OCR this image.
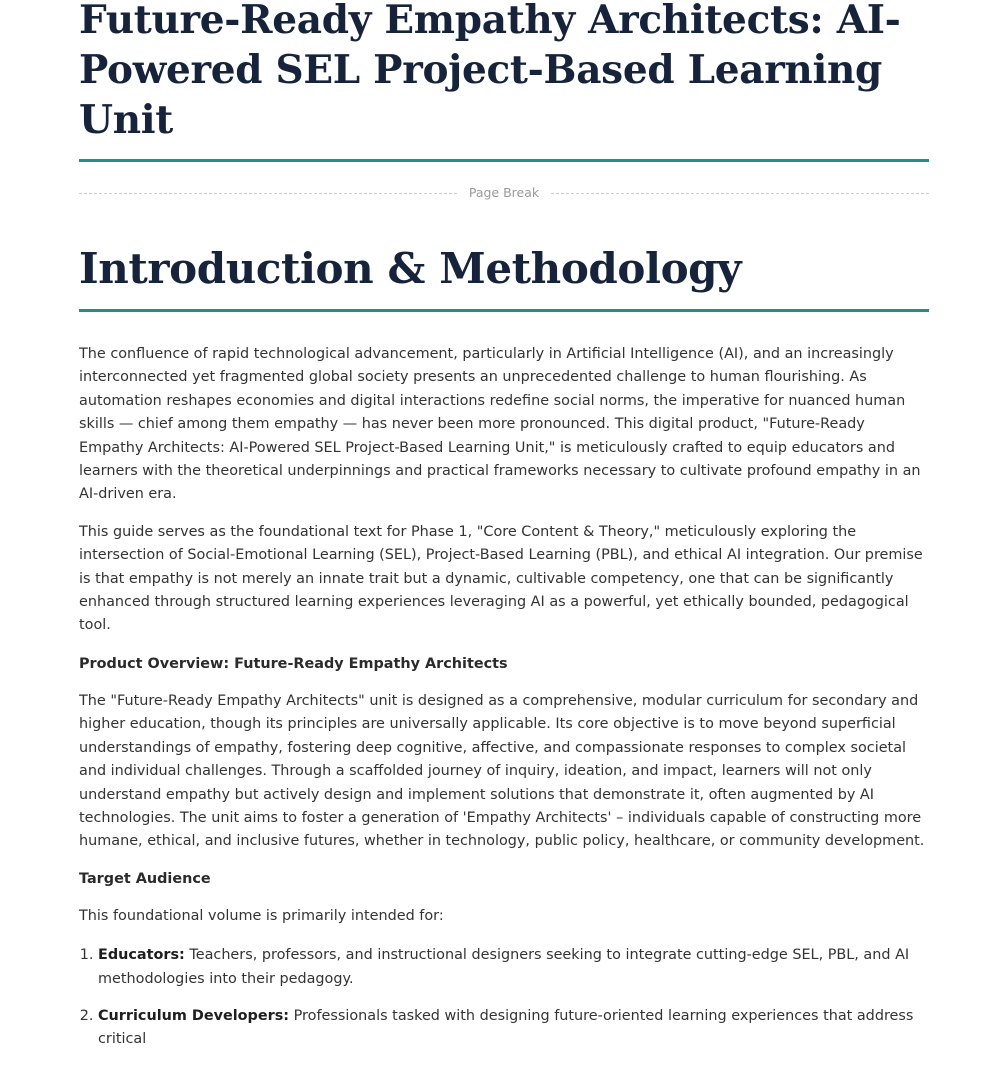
Future-Ready Empathy Architects: AI-Powered SEL Project-Based Learning Unit
Page Break
Introduction & Methodology

The confluence of rapid technological advancement, particularly in Artificial Intelligence (AI), and an increasingly interconnected yet fragmented global society presents an unprecedented challenge to human flourishing. As automation reshapes economies and digital interactions redefine social norms, the imperative for nuanced human skills — chief among them empathy — has never been more pronounced. This digital product, "Future-Ready Empathy Architects: AI-Powered SEL Project-Based Learning Unit," is meticulously crafted to equip educators and learners with the theoretical underpinnings and practical frameworks necessary to cultivate profound empathy in an AI-driven era.

This guide serves as the foundational text for Phase 1, "Core Content & Theory," meticulously exploring the intersection of Social-Emotional Learning (SEL), Project-Based Learning (PBL), and ethical AI integration. Our premise is that empathy is not merely an innate trait but a dynamic, cultivable competency, one that can be significantly enhanced through structured learning experiences leveraging AI as a powerful, yet ethically bounded, pedagogical tool.

Product Overview: Future-Ready Empathy Architects

The "Future-Ready Empathy Architects" unit is designed as a comprehensive, modular curriculum for secondary and higher education, though its principles are universally applicable. Its core objective is to move beyond superficial understandings of empathy, fostering deep cognitive, affective, and compassionate responses to complex societal and individual challenges. Through a scaffolded journey of inquiry, ideation, and impact, learners will not only understand empathy but actively design and implement solutions that demonstrate it, often augmented by AI technologies. The unit aims to foster a generation of 'Empathy Architects' – individuals capable of constructing more humane, ethical, and inclusive futures, whether in technology, public policy, healthcare, or community development.

Target Audience

This foundational volume is primarily intended for:

1. Educators: Teachers, professors, and instructional designers seeking to integrate cutting-edge SEL, PBL, and AI methodologies into their pedagogy.
2. Curriculum Developers: Professionals tasked with designing future-oriented learning experiences that address critical
